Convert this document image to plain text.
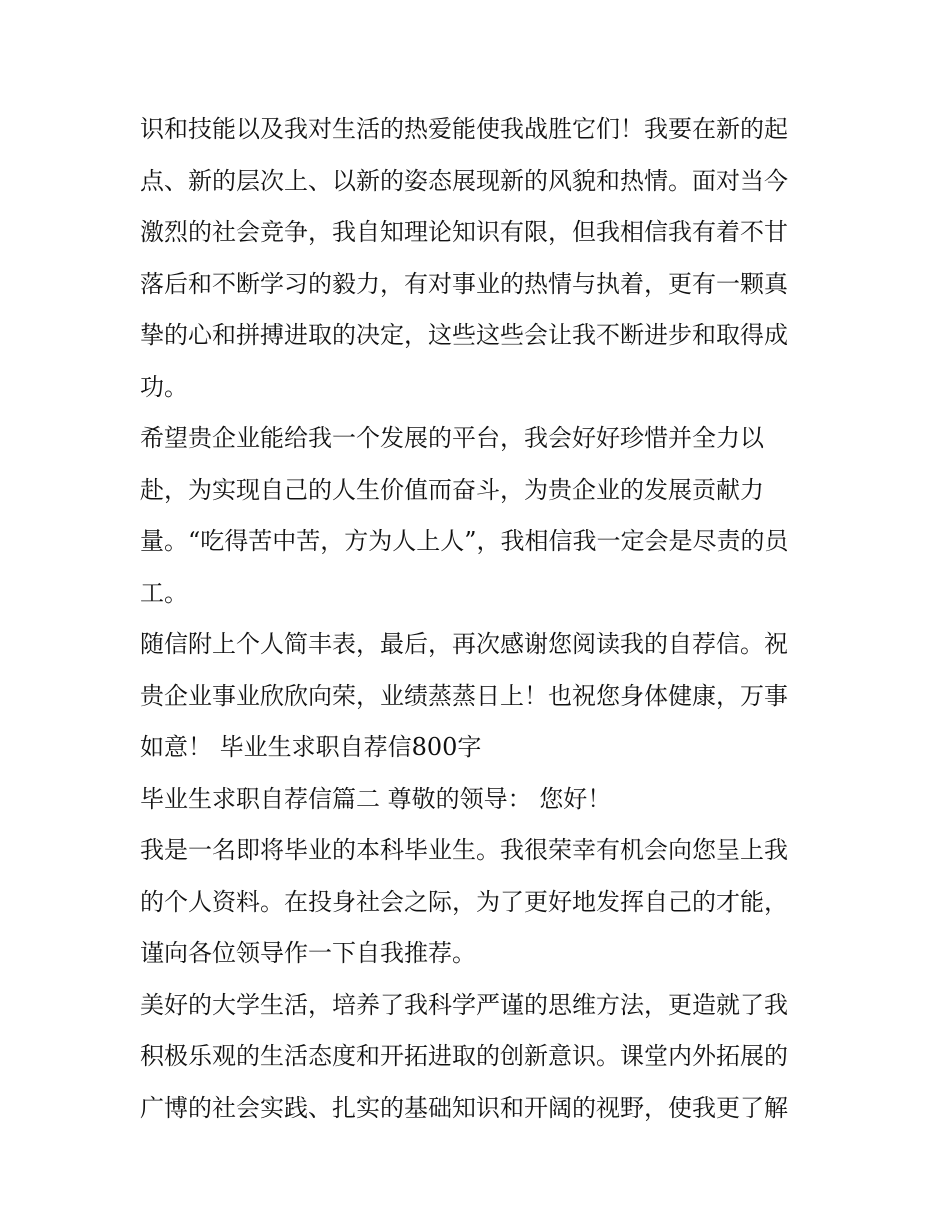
识和技能以及我对生活的热爱能使我战胜它们！我要在新的起
点、新的层次上、以新的姿态展现新的风貌和热情。面对当今
激烈的社会竞争，我自知理论知识有限，但我相信我有着不甘
落后和不断学习的毅力，有对事业的热情与执着，更有一颗真
挚的心和拼搏进取的决定，这些这些会让我不断进步和取得成
功。
希望贵企业能给我一个发展的平台，我会好好珍惜并全力以
赴，为实现自己的人生价值而奋斗，为贵企业的发展贡献力
量。“吃得苦中苦，方为人上人”，我相信我一定会是尽责的员
工。
随信附上个人简丰表，最后，再次感谢您阅读我的自荐信。祝
贵企业事业欣欣向荣，业绩蒸蒸日上！也祝您身体健康，万事
如意！ 毕业生求职自荐信800字
毕业生求职自荐信篇二 尊敬的领导： 您好！
我是一名即将毕业的本科毕业生。我很荣幸有机会向您呈上我
的个人资料。在投身社会之际，为了更好地发挥自己的才能，
谨向各位领导作一下自我推荐。
美好的大学生活，培养了我科学严谨的思维方法，更造就了我
积极乐观的生活态度和开拓进取的创新意识。课堂内外拓展的
广博的社会实践、扎实的基础知识和开阔的视野，使我更了解
